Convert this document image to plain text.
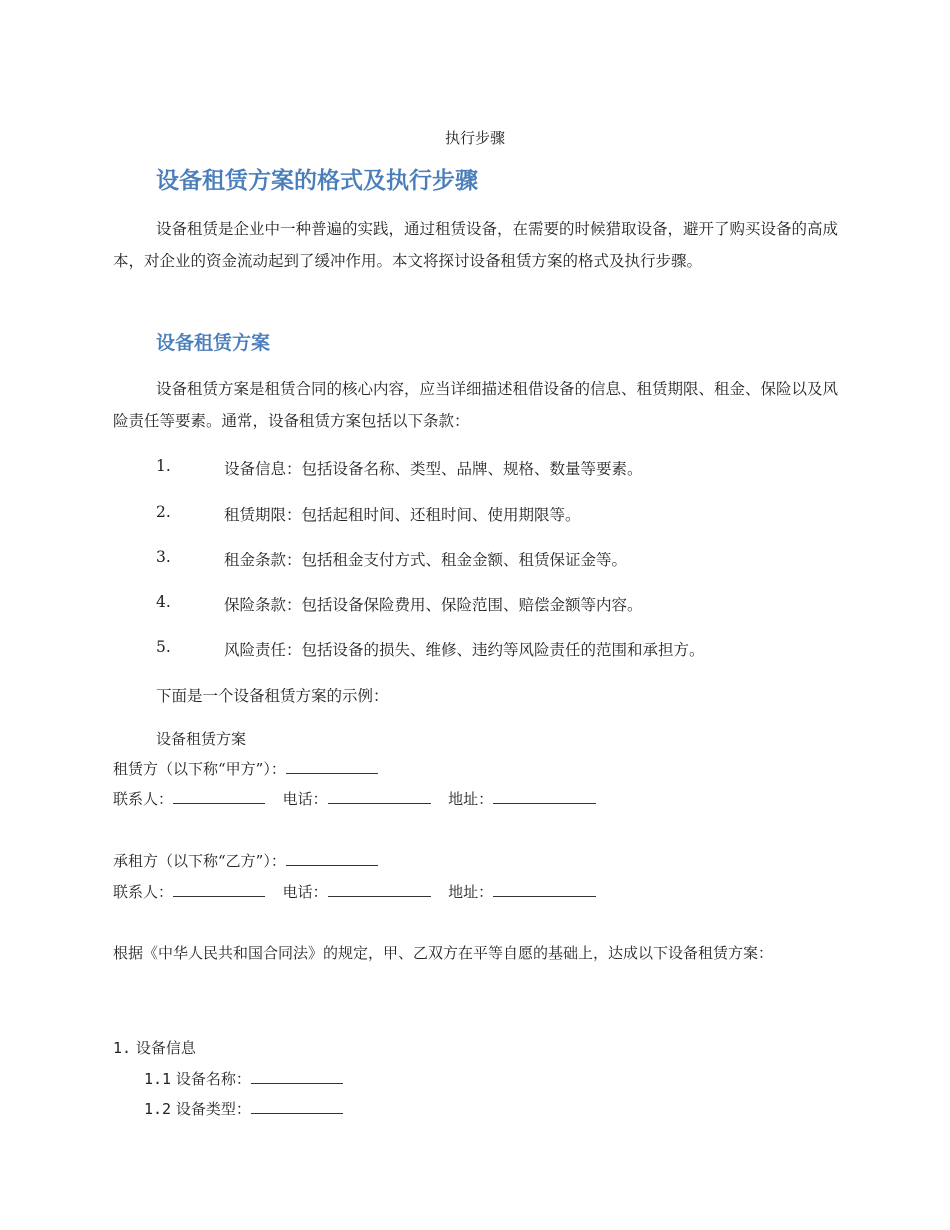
执行步骤
设备租赁方案的格式及执行步骤
设备租赁是企业中一种普遍的实践，通过租赁设备，在需要的时候猎取设备，避开了购买设备的高成本，对企业的资金流动起到了缓冲作用。本文将探讨设备租赁方案的格式及执行步骤。
设备租赁方案
设备租赁方案是租赁合同的核心内容，应当详细描述租借设备的信息、租赁期限、租金、保险以及风险责任等要素。通常，设备租赁方案包括以下条款：
1.	设备信息：包括设备名称、类型、品牌、规格、数量等要素。
2.	租赁期限：包括起租时间、还租时间、使用期限等。
3.	租金条款：包括租金支付方式、租金金额、租赁保证金等。
4.	保险条款：包括设备保险费用、保险范围、赔偿金额等内容。
5.	风险责任：包括设备的损失、维修、违约等风险责任的范围和承担方。
下面是一个设备租赁方案的示例：
设备租赁方案
租赁方（以下称“甲方”）：
联系人：	电话：	地址：
承租方（以下称“乙方”）：
联系人：	电话：	地址：
根据《中华人民共和国合同法》的规定，甲、乙双方在平等自愿的基础上，达成以下设备租赁方案：
1. 设备信息
1.1 设备名称：
1.2 设备类型：
